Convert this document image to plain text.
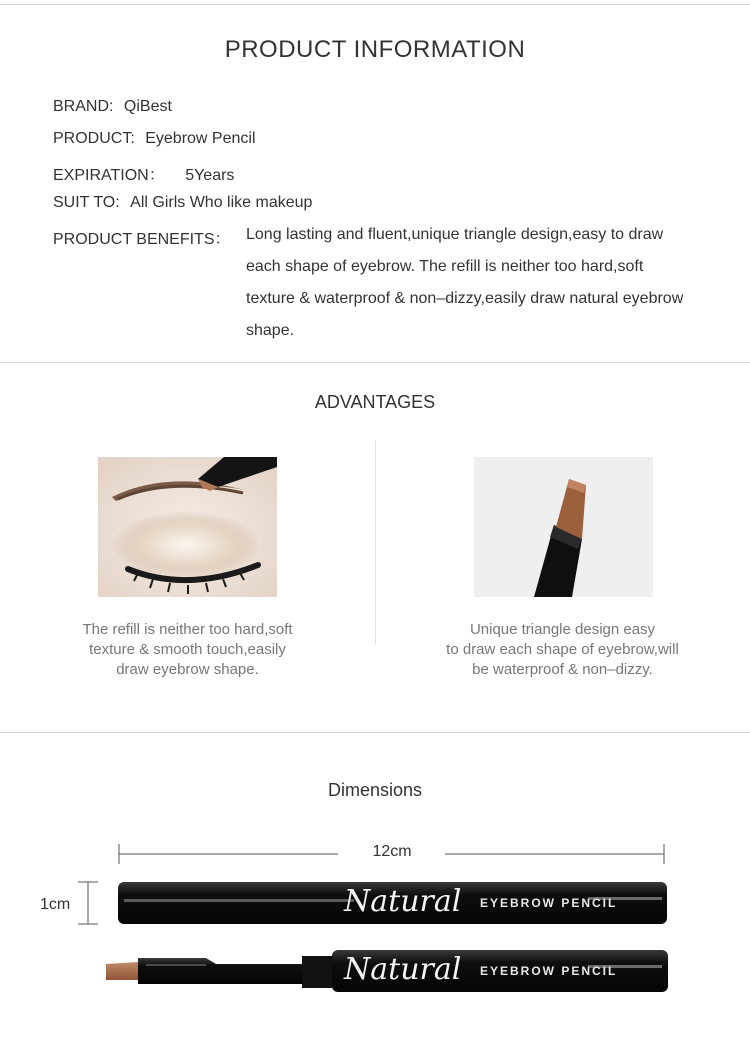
PRODUCT INFORMATION
BRAND: QiBest
PRODUCT: Eyebrow Pencil
EXPIRATION： 5Years
SUIT TO: All Girls Who like makeup
PRODUCT BENEFITS： Long lasting and fluent,unique triangle design,easy to draw
each shape of eyebrow. The refill is neither too hard,soft
texture & waterproof & non–dizzy,easily draw natural eyebrow
shape.
ADVANTAGES
The refill is neither too hard,soft
texture & smooth touch,easily
draw eyebrow shape.
Unique triangle design easy
to draw each shape of eyebrow,will
be waterproof & non–dizzy.
Dimensions
12cm
1cm	Natural EYEBROW PENCIL
Natural EYEBROW PENCIL
